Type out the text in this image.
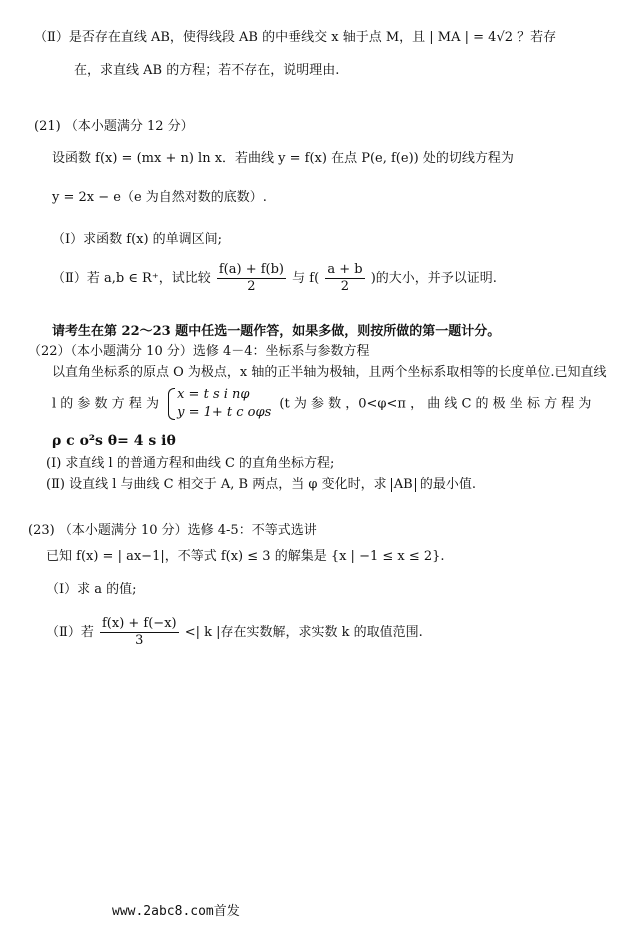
（Ⅱ）是否存在直线 AB，使得线段 AB 的中垂线交 x 轴于点 M，且 | MA | = 4√2 ？若存
在，求直线 AB 的方程；若不存在，说明理由.
(21) （本小题满分 12 分）
设函数 f(x) = (mx + n) ln x．若曲线 y = f(x) 在点 P(e, f(e)) 处的切线方程为
y = 2x − e（e 为自然对数的底数）.
（Ⅰ）求函数 f(x) 的单调区间;
（Ⅱ）若 a,b ∈ R⁺，试比较 $\frac{f(a) + f(b)}{2}$ 与 $f( \frac{a + b}{2}$ )的大小，并予以证明.
请考生在第 22～23 题中任选一题作答，如果多做，则按所做的第一题计分。
（22）（本小题满分 10 分）选修 4－4：坐标系与参数方程
以直角坐标系的原点 O 为极点，x 轴的正半轴为极轴，且两个坐标系取相等的长度单位.已知直线
l 的 参 数 方 程 为
x = t s i nφ
y = 1+ t c oφs
(t 为 参 数 ，0<φ<π ， 曲 线 C 的 极 坐 标 方 程 为
ρ c o²s θ= 4 s iθ
(Ⅰ) 求直线 l 的普通方程和曲线 C 的直角坐标方程;
(Ⅱ) 设直线 l 与曲线 C 相交于 A, B 两点，当 φ 变化时，求 AB 的最小值.
(23) （本小题满分 10 分）选修 4-5：不等式选讲
已知 f(x) = | ax−1|，不等式 f(x) ≤ 3 的解集是 {x | −1 ≤ x ≤ 2}.
（Ⅰ）求 a 的值;
（Ⅱ）若 $\frac{f(x) + f(-x)}{3}$ <| k |存在实数解，求实数 k 的取值范围.
www.2abc8.com首发
